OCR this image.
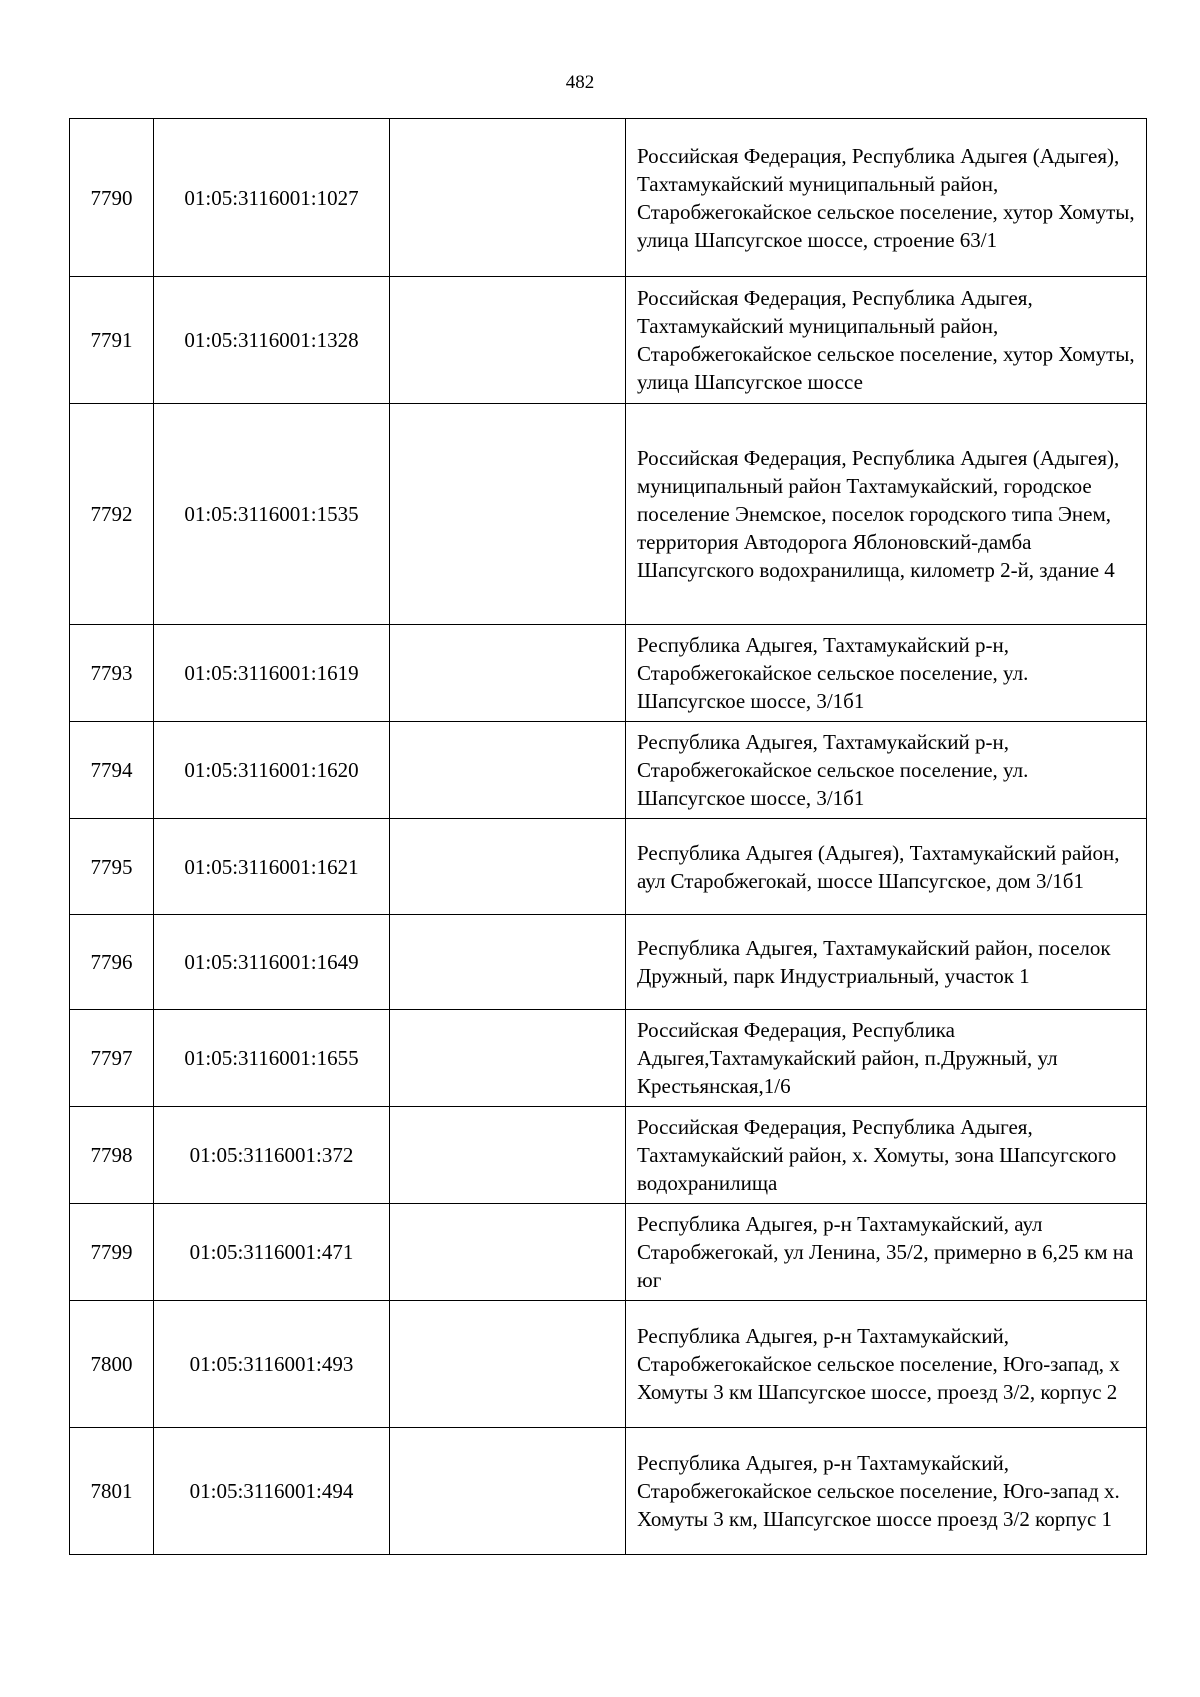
482
7790	01:05:3116001:1027		Российская Федерация, Республика Адыгея (Адыгея), Тахтамукайский муниципальный район, Старобжегокайское сельское поселение, хутор Хомуты, улица Шапсугское шоссе, строение 63/1
7791	01:05:3116001:1328		Российская Федерация, Республика Адыгея, Тахтамукайский муниципальный район, Старобжегокайское сельское поселение, хутор Хомуты, улица Шапсугское шоссе
7792	01:05:3116001:1535		Российская Федерация, Республика Адыгея (Адыгея), муниципальный район Тахтамукайский, городское поселение Энемское, поселок городского типа Энем, территория Автодорога Яблоновский-дамба Шапсугского водохранилища, километр 2-й, здание 4
7793	01:05:3116001:1619		Республика Адыгея, Тахтамукайский р-н, Старобжегокайское сельское поселение, ул. Шапсугское шоссе, 3/1б1
7794	01:05:3116001:1620		Республика Адыгея, Тахтамукайский р-н, Старобжегокайское сельское поселение, ул. Шапсугское шоссе, 3/1б1
7795	01:05:3116001:1621		Республика Адыгея (Адыгея), Тахтамукайский район, аул Старобжегокай, шоссе Шапсугское, дом 3/1б1
7796	01:05:3116001:1649		Республика Адыгея, Тахтамукайский район, поселок Дружный, парк Индустриальный, участок 1
7797	01:05:3116001:1655		Российская Федерация, Республика Адыгея,Тахтамукайский район, п.Дружный, ул Крестьянская,1/6
7798	01:05:3116001:372		Российская Федерация, Республика Адыгея, Тахтамукайский район, х. Хомуты, зона Шапсугского водохранилища
7799	01:05:3116001:471		Республика Адыгея, р-н Тахтамукайский, аул Старобжегокай, ул Ленина, 35/2, примерно в 6,25 км на юг
7800	01:05:3116001:493		Республика Адыгея, р-н Тахтамукайский, Старобжегокайское сельское поселение, Юго-запад, х Хомуты 3 км Шапсугское шоссе, проезд 3/2, корпус 2
7801	01:05:3116001:494		Республика Адыгея, р-н Тахтамукайский, Старобжегокайское сельское поселение, Юго-запад х. Хомуты 3 км, Шапсугское шоссе проезд 3/2 корпус 1
